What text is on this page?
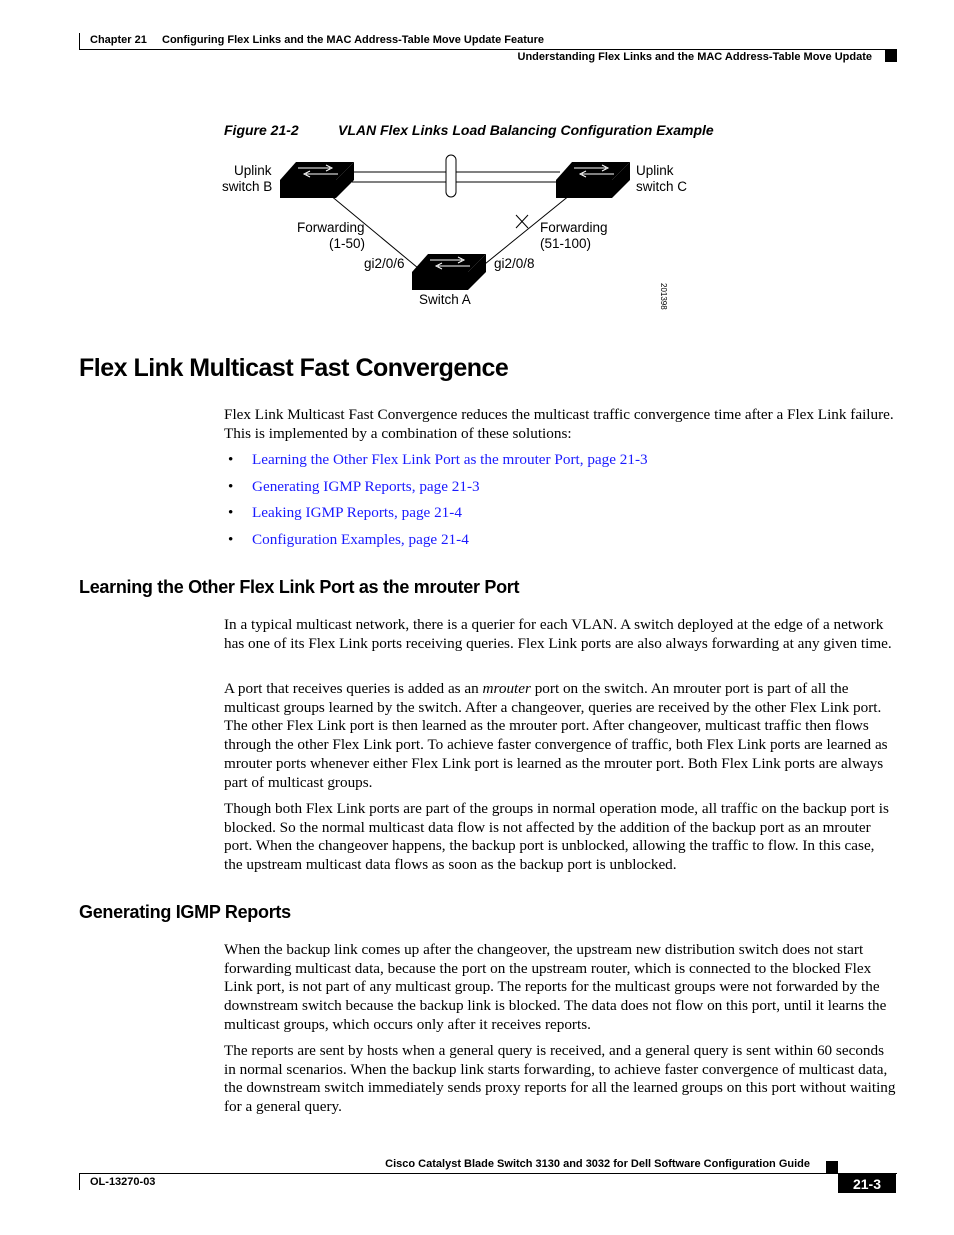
Chapter 21 Configuring Flex Links and the MAC Address-Table Move Update Feature
Understanding Flex Links and the MAC Address-Table Move Update
Figure 21-2	VLAN Flex Links Load Balancing Configuration Example
Uplink
switch B
Uplink
switch C
Forwarding
(1-50)
Forwarding
(51-100)
gi2/0/6	gi2/0/8
Switch A	201398
Flex Link Multicast Fast Convergence

Flex Link Multicast Fast Convergence reduces the multicast traffic convergence time after a Flex Link failure. This is implemented by a combination of these solutions:

• Learning the Other Flex Link Port as the mrouter Port, page 21-3
• Generating IGMP Reports, page 21-3
• Leaking IGMP Reports, page 21-4
• Configuration Examples, page 21-4
Learning the Other Flex Link Port as the mrouter Port

In a typical multicast network, there is a querier for each VLAN. A switch deployed at the edge of a network has one of its Flex Link ports receiving queries. Flex Link ports are also always forwarding at any given time.

A port that receives queries is added as an mrouter port on the switch. An mrouter port is part of all the multicast groups learned by the switch. After a changeover, queries are received by the other Flex Link port. The other Flex Link port is then learned as the mrouter port. After changeover, multicast traffic then flows through the other Flex Link port. To achieve faster convergence of traffic, both Flex Link ports are learned as mrouter ports whenever either Flex Link port is learned as the mrouter port. Both Flex Link ports are always part of multicast groups.

Though both Flex Link ports are part of the groups in normal operation mode, all traffic on the backup port is blocked. So the normal multicast data flow is not affected by the addition of the backup port as an mrouter port. When the changeover happens, the backup port is unblocked, allowing the traffic to flow. In this case, the upstream multicast data flows as soon as the backup port is unblocked.

Generating IGMP Reports

When the backup link comes up after the changeover, the upstream new distribution switch does not start forwarding multicast data, because the port on the upstream router, which is connected to the blocked Flex Link port, is not part of any multicast group. The reports for the multicast groups were not forwarded by the downstream switch because the backup link is blocked. The data does not flow on this port, until it learns the multicast groups, which occurs only after it receives reports.

The reports are sent by hosts when a general query is received, and a general query is sent within 60 seconds in normal scenarios. When the backup link starts forwarding, to achieve faster convergence of multicast data, the downstream switch immediately sends proxy reports for all the learned groups on this port without waiting for a general query.

Cisco Catalyst Blade Switch 3130 and 3032 for Dell Software Configuration Guide
OL-13270-03	21-3
